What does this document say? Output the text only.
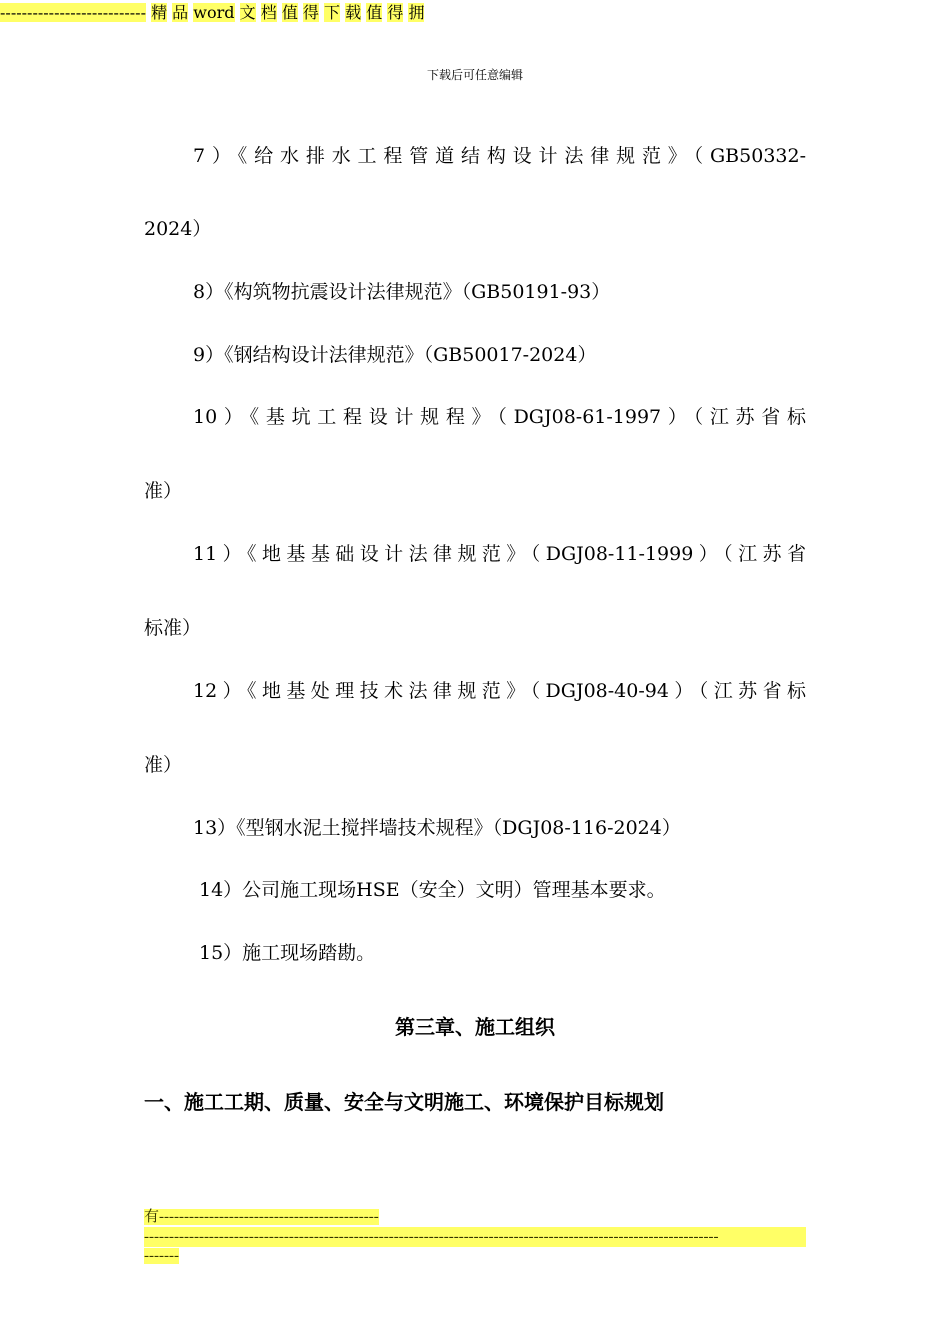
下载后可任意编辑
7）《给水排水工程管道结构设计法律规范》（GB50332-
2024）
8）《构筑物抗震设计法律规范》（GB50191-93）
9）《钢结构设计法律规范》（GB50017-2024）
10）《基坑工程设计规程》（DGJ08-61-1997）（江苏省标
准）
11）《地基基础设计法律规范》（DGJ08-11-1999）（江苏省
标准）
12）《地基处理技术法律规范》（DGJ08-40-94）（江苏省标
准）
13）《型钢水泥土搅拌墙技术规程》（DGJ08-116-2024）
14）公司施工现场HSE（安全）文明）管理基本要求。
15）施工现场踏勘。
第三章、施工组织
一、施工工期、质量、安全与文明施工、环境保护目标规划
--------------------------- 精 品 word 文 档 值 得 下 载 值 得 拥
有--------------------------------------------
-------------------------------------------------------------------------------------------------------------------
-------
